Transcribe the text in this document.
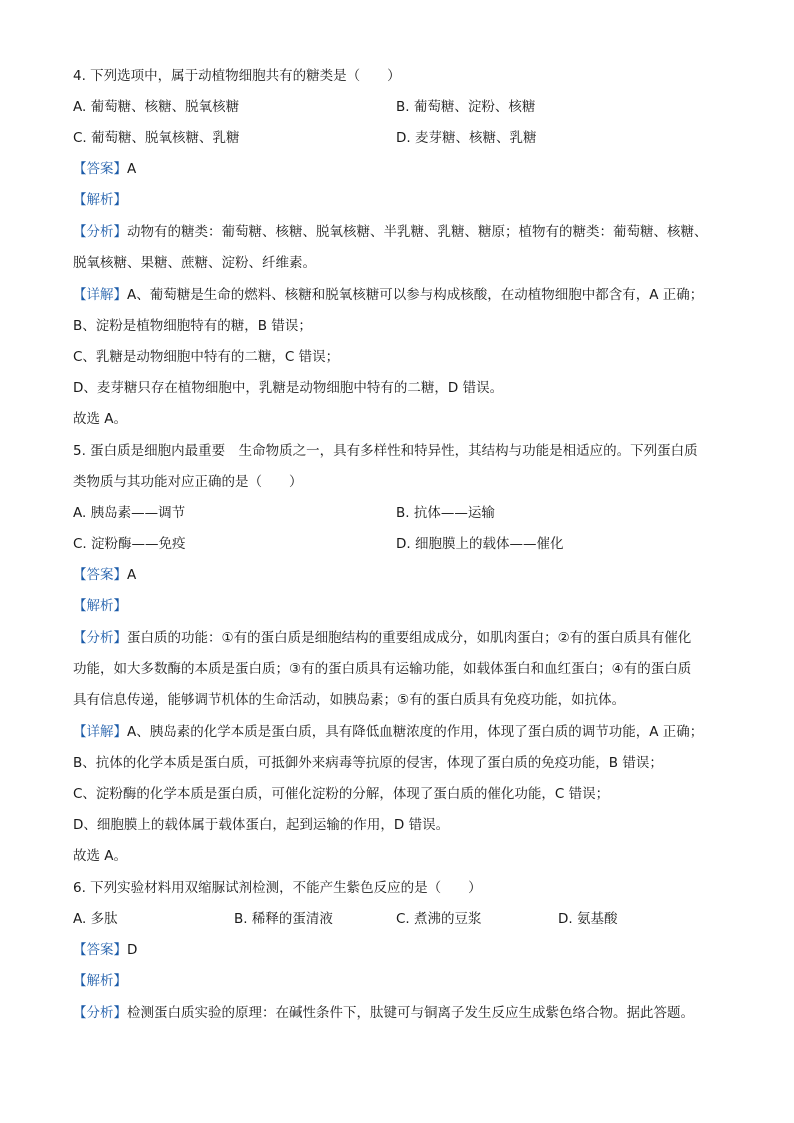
4. 下列选项中，属于动植物细胞共有的糖类是（　　）
A. 葡萄糖、核糖、脱氧核糖	B. 葡萄糖、淀粉、核糖
C. 葡萄糖、脱氧核糖、乳糖	D. 麦芽糖、核糖、乳糖
【答案】A
【解析】
【分析】动物有的糖类：葡萄糖、核糖、脱氧核糖、半乳糖、乳糖、糖原；植物有的糖类：葡萄糖、核糖、
脱氧核糖、果糖、蔗糖、淀粉、纤维素。
【详解】A、葡萄糖是生命的燃料、核糖和脱氧核糖可以参与构成核酸，在动植物细胞中都含有，A 正确；
B、淀粉是植物细胞特有的糖，B 错误；
C、乳糖是动物细胞中特有的二糖，C 错误；
D、麦芽糖只存在植物细胞中，乳糖是动物细胞中特有的二糖，D 错误。
故选 A。
5. 蛋白质是细胞内最重要　生命物质之一，具有多样性和特异性，其结构与功能是相适应的。下列蛋白质
类物质与其功能对应正确的是（　　）
A. 胰岛素——调节	B. 抗体——运输
C. 淀粉酶——免疫	D. 细胞膜上的载体——催化
【答案】A
【解析】
【分析】蛋白质的功能：①有的蛋白质是细胞结构的重要组成成分，如肌肉蛋白；②有的蛋白质具有催化
功能，如大多数酶的本质是蛋白质；③有的蛋白质具有运输功能，如载体蛋白和血红蛋白；④有的蛋白质
具有信息传递，能够调节机体的生命活动，如胰岛素；⑤有的蛋白质具有免疫功能，如抗体。
【详解】A、胰岛素的化学本质是蛋白质，具有降低血糖浓度的作用，体现了蛋白质的调节功能，A 正确；
B、抗体的化学本质是蛋白质，可抵御外来病毒等抗原的侵害，体现了蛋白质的免疫功能，B 错误；
C、淀粉酶的化学本质是蛋白质，可催化淀粉的分解，体现了蛋白质的催化功能，C 错误；
D、细胞膜上的载体属于载体蛋白，起到运输的作用，D 错误。
故选 A。
6. 下列实验材料用双缩脲试剂检测，不能产生紫色反应的是（　　）
A. 多肽	B. 稀释的蛋清液	C. 煮沸的豆浆	D. 氨基酸
【答案】D
【解析】
【分析】检测蛋白质实验的原理：在碱性条件下，肽键可与铜离子发生反应生成紫色络合物。据此答题。
